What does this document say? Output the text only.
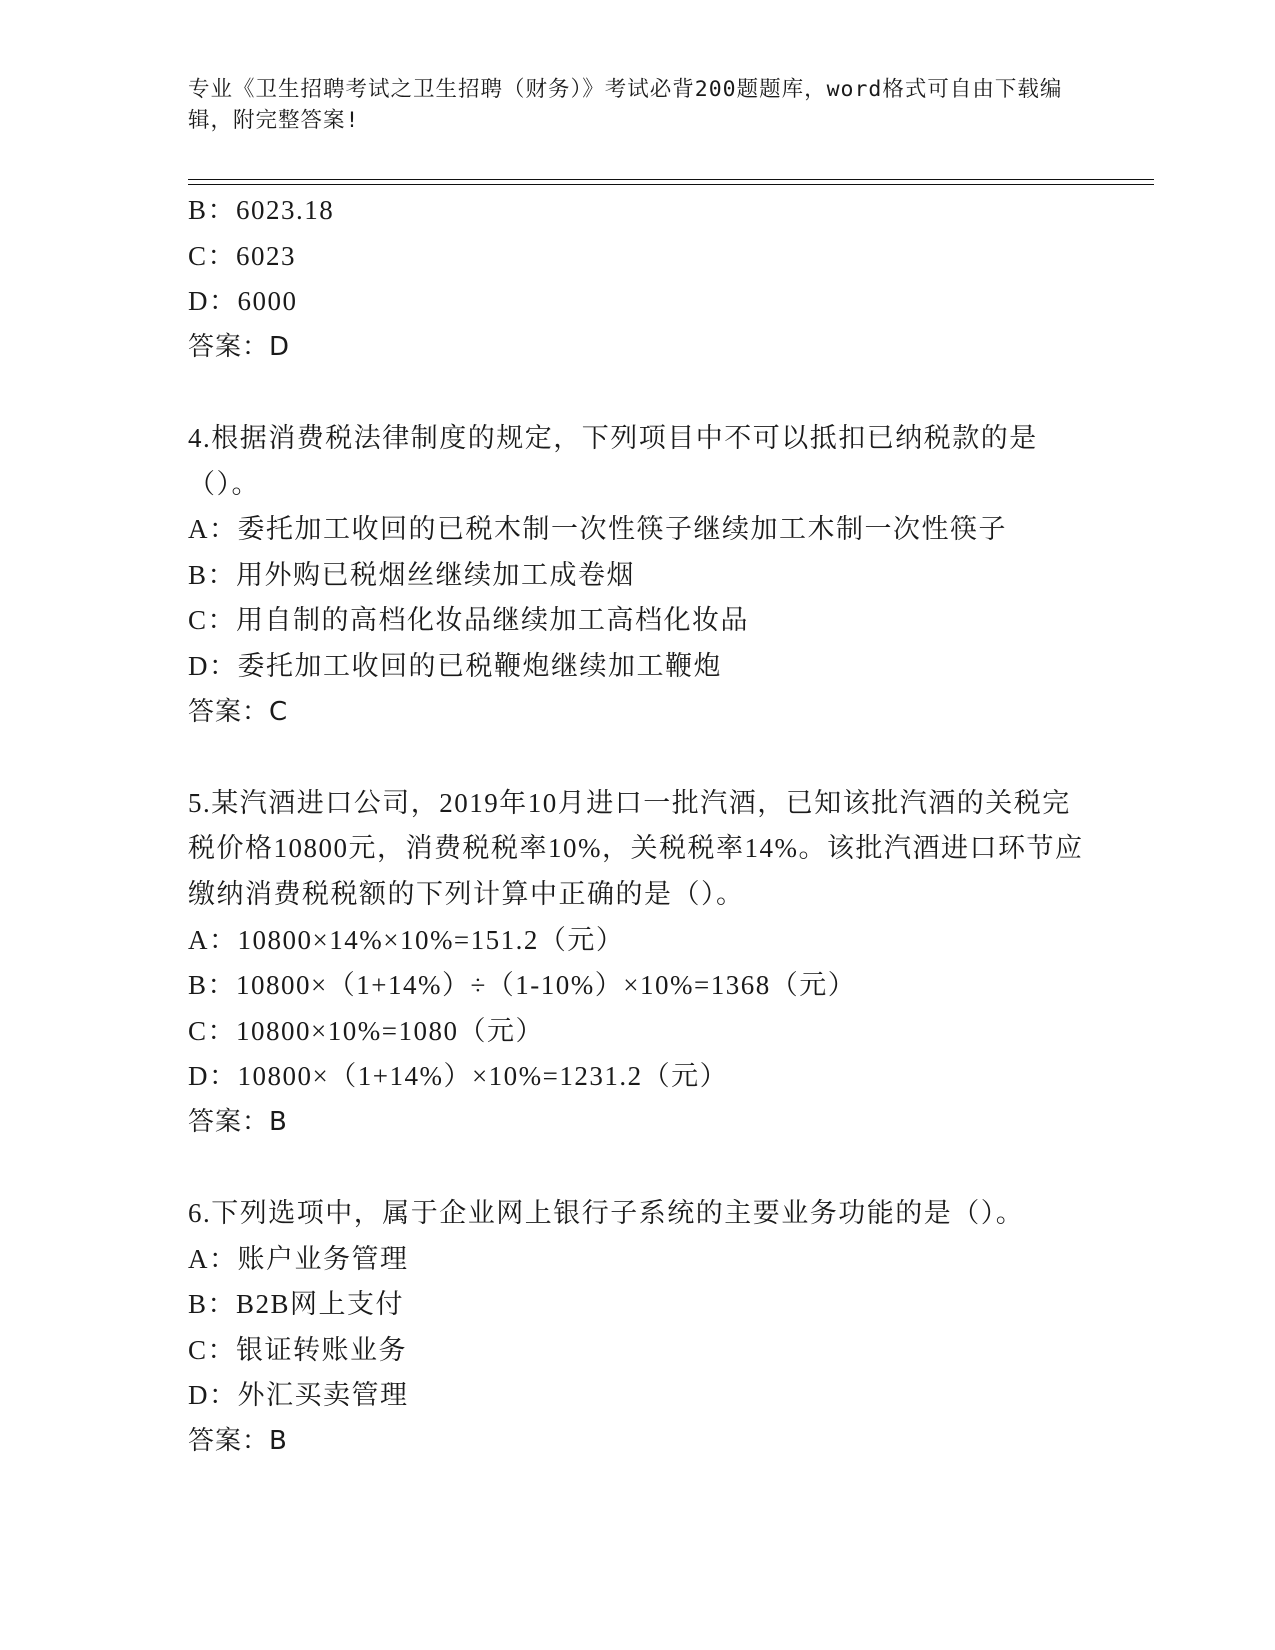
专业《卫生招聘考试之卫生招聘（财务）》考试必背200题题库，word格式可自由下载编辑，附完整答案!
B：6023.18
C：6023
D：6000
答案：D
4.根据消费税法律制度的规定，下列项目中不可以抵扣已纳税款的是（）。
A：委托加工收回的已税木制一次性筷子继续加工木制一次性筷子
B：用外购已税烟丝继续加工成卷烟
C：用自制的高档化妆品继续加工高档化妆品
D：委托加工收回的已税鞭炮继续加工鞭炮
答案：C
5.某汽酒进口公司，2019年10月进口一批汽酒，已知该批汽酒的关税完税价格10800元，消费税税率10%，关税税率14%。该批汽酒进口环节应缴纳消费税税额的下列计算中正确的是（）。
A：10800×14%×10%=151.2（元）
B：10800×（1+14%）÷（1-10%）×10%=1368（元）
C：10800×10%=1080（元）
D：10800×（1+14%）×10%=1231.2（元）
答案：B
6.下列选项中，属于企业网上银行子系统的主要业务功能的是（）。
A：账户业务管理
B：B2B网上支付
C：银证转账业务
D：外汇买卖管理
答案：B
